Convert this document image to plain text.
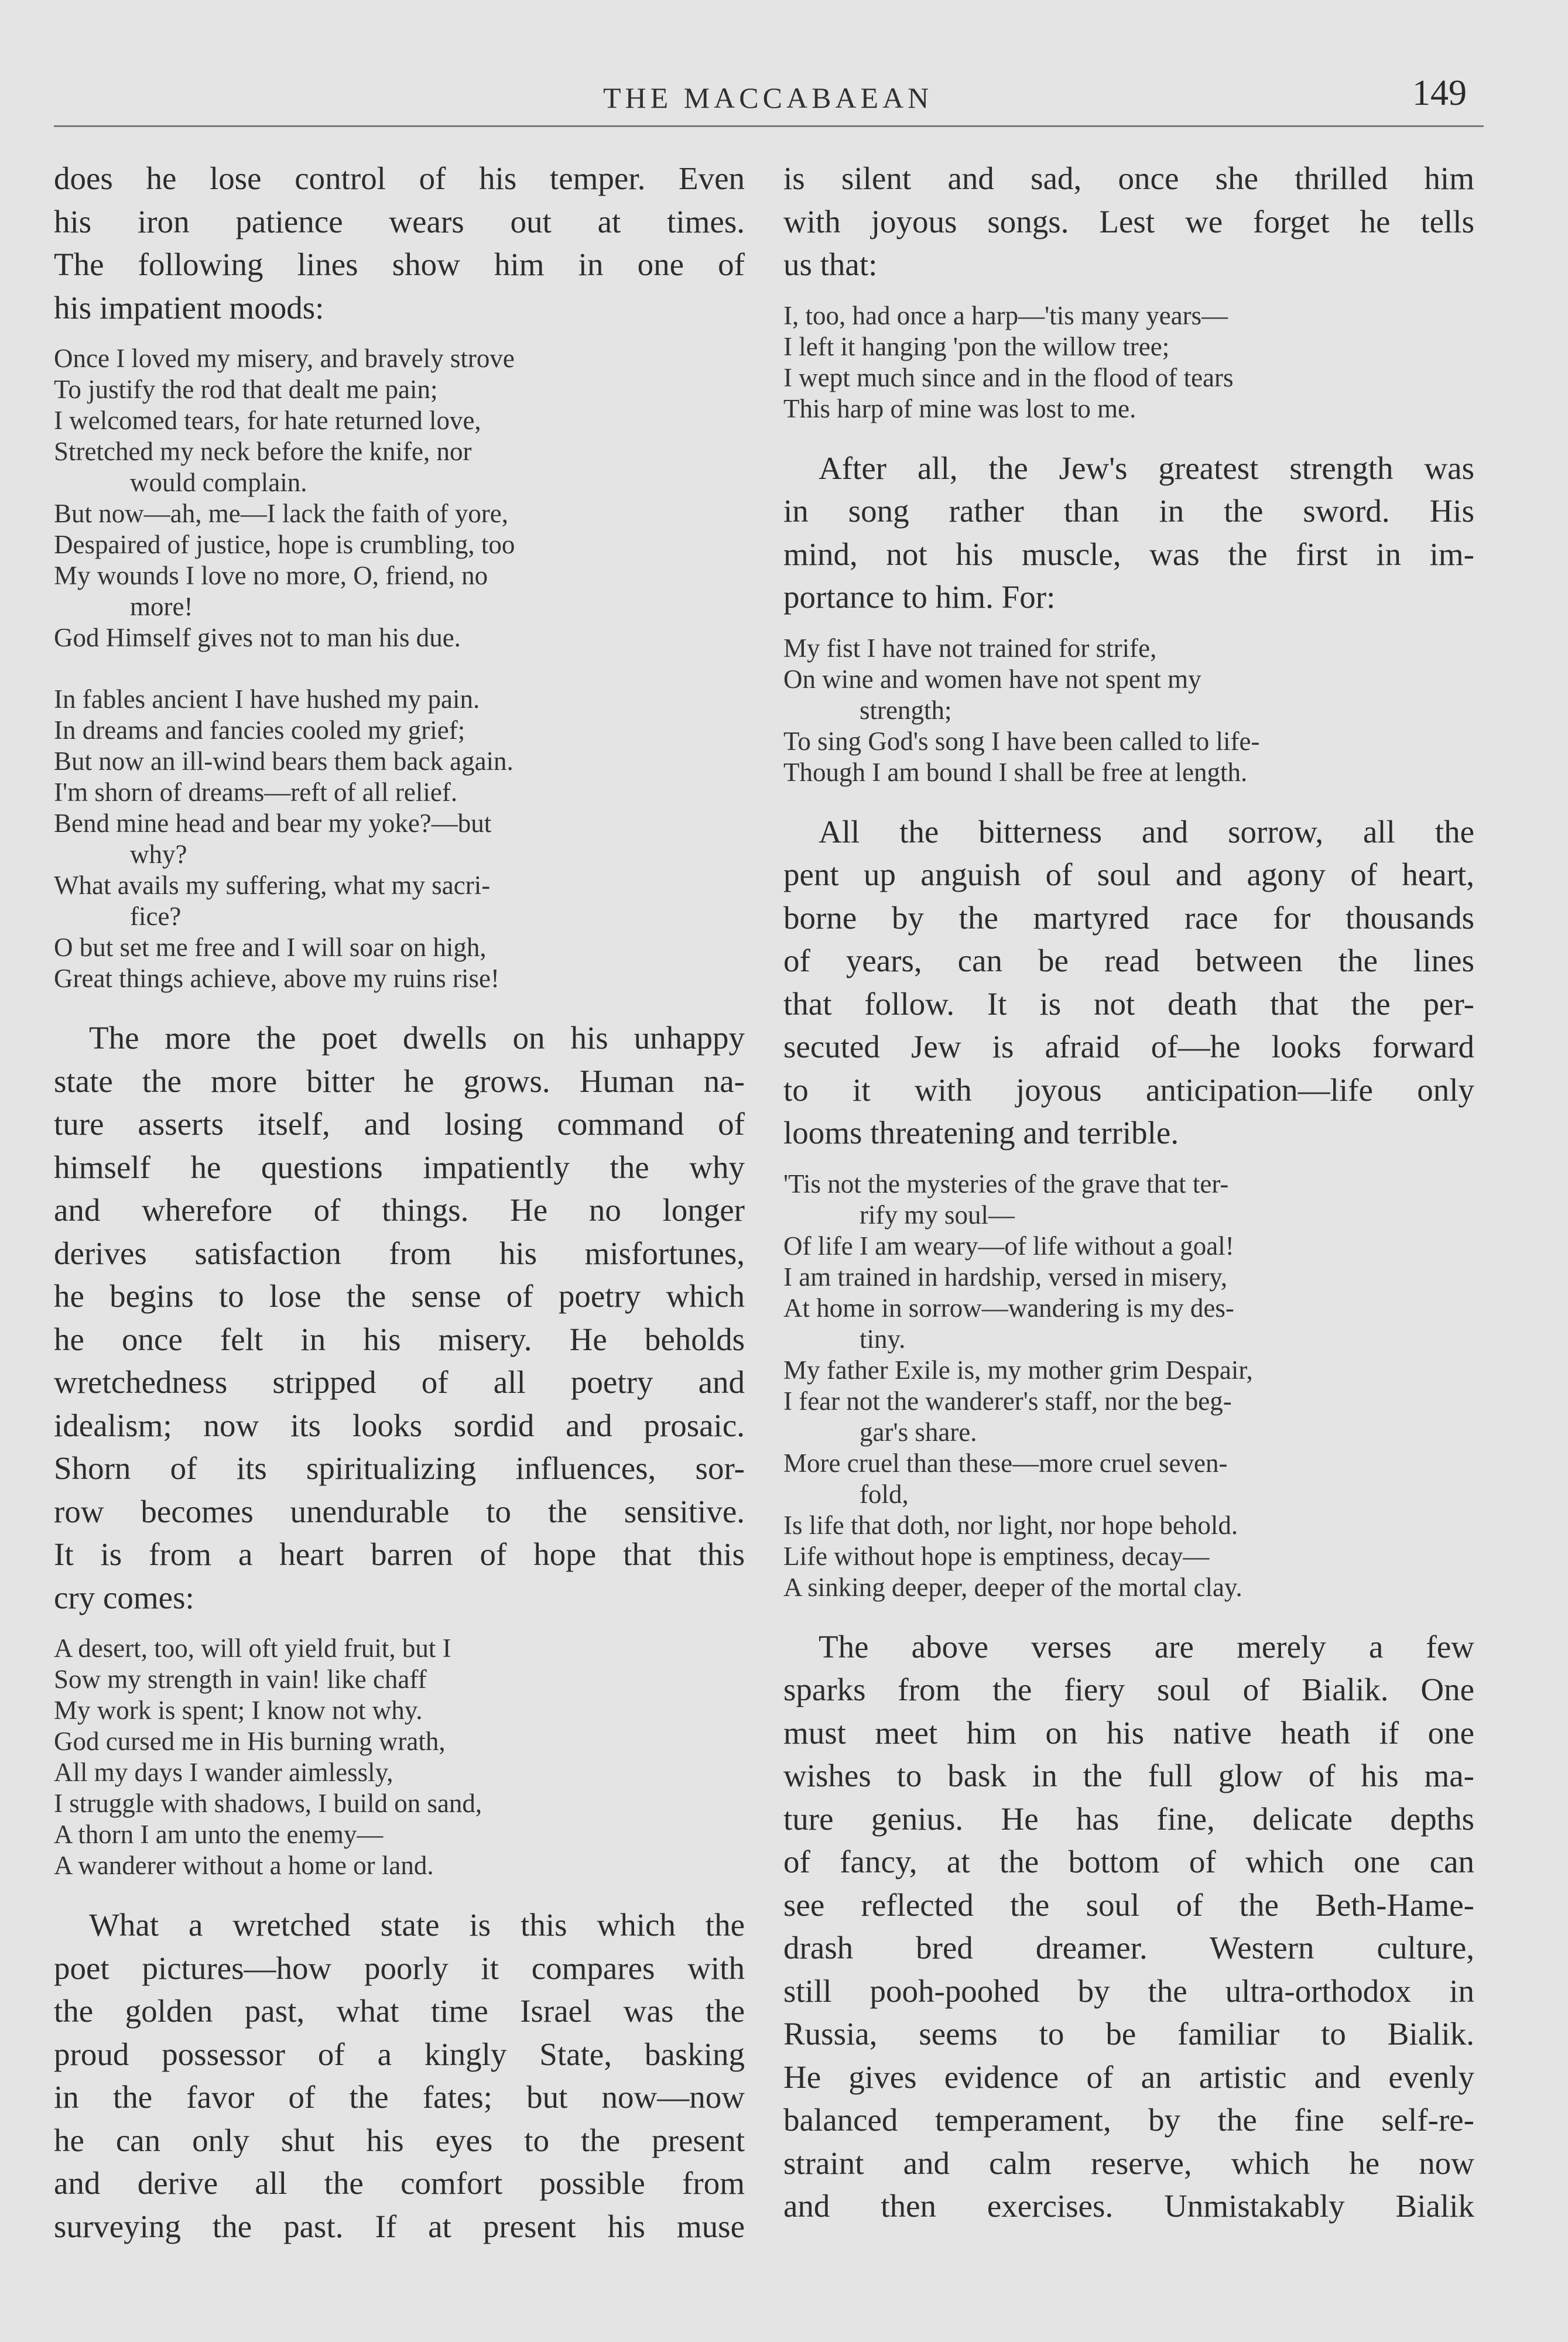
THE MACCABAEAN	149
does he lose control of his temper. Even
his iron patience wears out at times.
The following lines show him in one of
his impatient moods:
Once I loved my misery, and bravely strove
To justify the rod that dealt me pain;
I welcomed tears, for hate returned love,
Stretched my neck before the knife, nor
would complain.
But now—ah, me—I lack the faith of yore,
Despaired of justice, hope is crumbling, too
My wounds I love no more, O, friend, no
more!
God Himself gives not to man his due.
In fables ancient I have hushed my pain.
In dreams and fancies cooled my grief;
But now an ill-wind bears them back again.
I'm shorn of dreams—reft of all relief.
Bend mine head and bear my yoke?—but
why?
What avails my suffering, what my sacri-
fice?
O but set me free and I will soar on high,
Great things achieve, above my ruins rise!
The more the poet dwells on his unhappy
state the more bitter he grows. Human na-
ture asserts itself, and losing command of
himself he questions impatiently the why
and wherefore of things. He no longer
derives satisfaction from his misfortunes,
he begins to lose the sense of poetry which
he once felt in his misery. He beholds
wretchedness stripped of all poetry and
idealism; now its looks sordid and prosaic.
Shorn of its spiritualizing influences, sor-
row becomes unendurable to the sensitive.
It is from a heart barren of hope that this
cry comes:
A desert, too, will oft yield fruit, but I
Sow my strength in vain! like chaff
My work is spent; I know not why.
God cursed me in His burning wrath,
All my days I wander aimlessly,
I struggle with shadows, I build on sand,
A thorn I am unto the enemy—
A wanderer without a home or land.
What a wretched state is this which the
poet pictures—how poorly it compares with
the golden past, what time Israel was the
proud possessor of a kingly State, basking
in the favor of the fates; but now—now
he can only shut his eyes to the present
and derive all the comfort possible from
surveying the past. If at present his muse
is silent and sad, once she thrilled him
with joyous songs. Lest we forget he tells
us that:
I, too, had once a harp—'tis many years—
I left it hanging 'pon the willow tree;
I wept much since and in the flood of tears
This harp of mine was lost to me.
After all, the Jew's greatest strength was
in song rather than in the sword. His
mind, not his muscle, was the first in im-
portance to him. For:
My fist I have not trained for strife,
On wine and women have not spent my
strength;
To sing God's song I have been called to life-
Though I am bound I shall be free at length.
All the bitterness and sorrow, all the
pent up anguish of soul and agony of heart,
borne by the martyred race for thousands
of years, can be read between the lines
that follow. It is not death that the per-
secuted Jew is afraid of—he looks forward
to it with joyous anticipation—life only
looms threatening and terrible.
'Tis not the mysteries of the grave that ter-
rify my soul—
Of life I am weary—of life without a goal!
I am trained in hardship, versed in misery,
At home in sorrow—wandering is my des-
tiny.
My father Exile is, my mother grim Despair,
I fear not the wanderer's staff, nor the beg-
gar's share.
More cruel than these—more cruel seven-
fold,
Is life that doth, nor light, nor hope behold.
Life without hope is emptiness, decay—
A sinking deeper, deeper of the mortal clay.
The above verses are merely a few
sparks from the fiery soul of Bialik. One
must meet him on his native heath if one
wishes to bask in the full glow of his ma-
ture genius. He has fine, delicate depths
of fancy, at the bottom of which one can
see reflected the soul of the Beth-Hame-
drash bred dreamer. Western culture,
still pooh-poohed by the ultra-orthodox in
Russia, seems to be familiar to Bialik.
He gives evidence of an artistic and evenly
balanced temperament, by the fine self-re-
straint and calm reserve, which he now
and then exercises. Unmistakably Bialik
